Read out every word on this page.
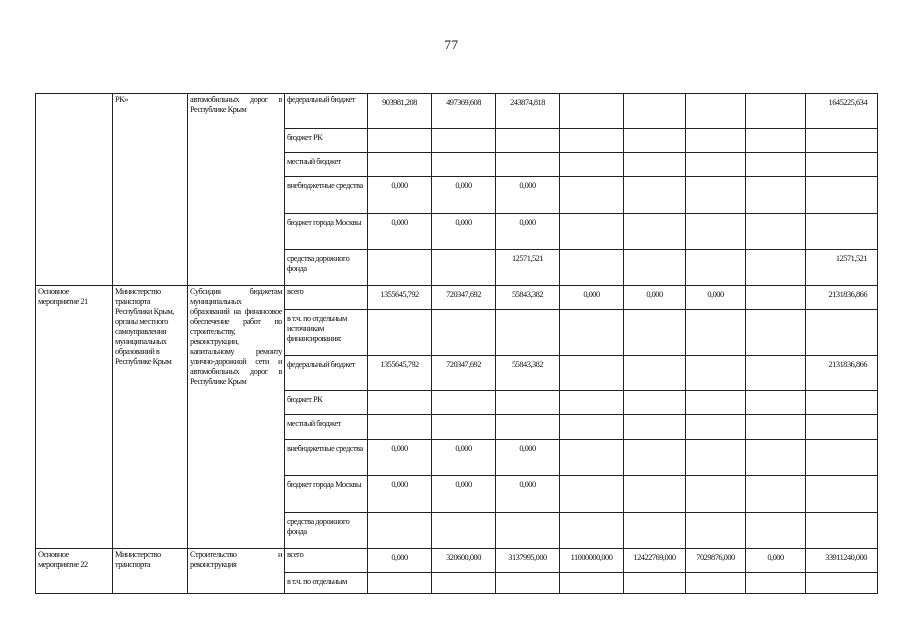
77
	РК»	автомобильных дорог в Республике Крым	федеральный бюджет	903981,208	497369,608	243874,818					1645225,634
			бюджет РК								
			местный бюджет								
			внебюджетные средства	0,000	0,000	0,000					
			бюджет города Москвы	0,000	0,000	0,000					
			средства дорожного фонда			12571,521					12571,521
Основное мероприятие 21	Министерство транспорта Республики Крым, органы местного самоуправления муниципальных образований в Республике Крым	Субсидия бюджетам муниципальных образований на финансовое обеспечение работ по строительству, реконструкции, капитальному ремонту улично-дорожной сети и автомобильных дорог в Республике Крым	всего	1355645,792	720347,692	55843,382	0,000	0,000	0,000		2131836,866
			в т.ч. по отдельным источникам финансирования:								
			федеральный бюджет	1355645,792	720347,692	55843,382					2131836,866
			бюджет РК								
			местный бюджет								
			внебюджетные средства	0,000	0,000	0,000					
			бюджет города Москвы	0,000	0,000	0,000					
			средства дорожного фонда								
Основное мероприятие 22	Министерство транспорта	Строительство и реконструкция	всего	0,000	320600,000	3137995,000	11000000,000	12422769,000	7029876,000	0,000	33911240,000
			в т.ч. по отдельным								
